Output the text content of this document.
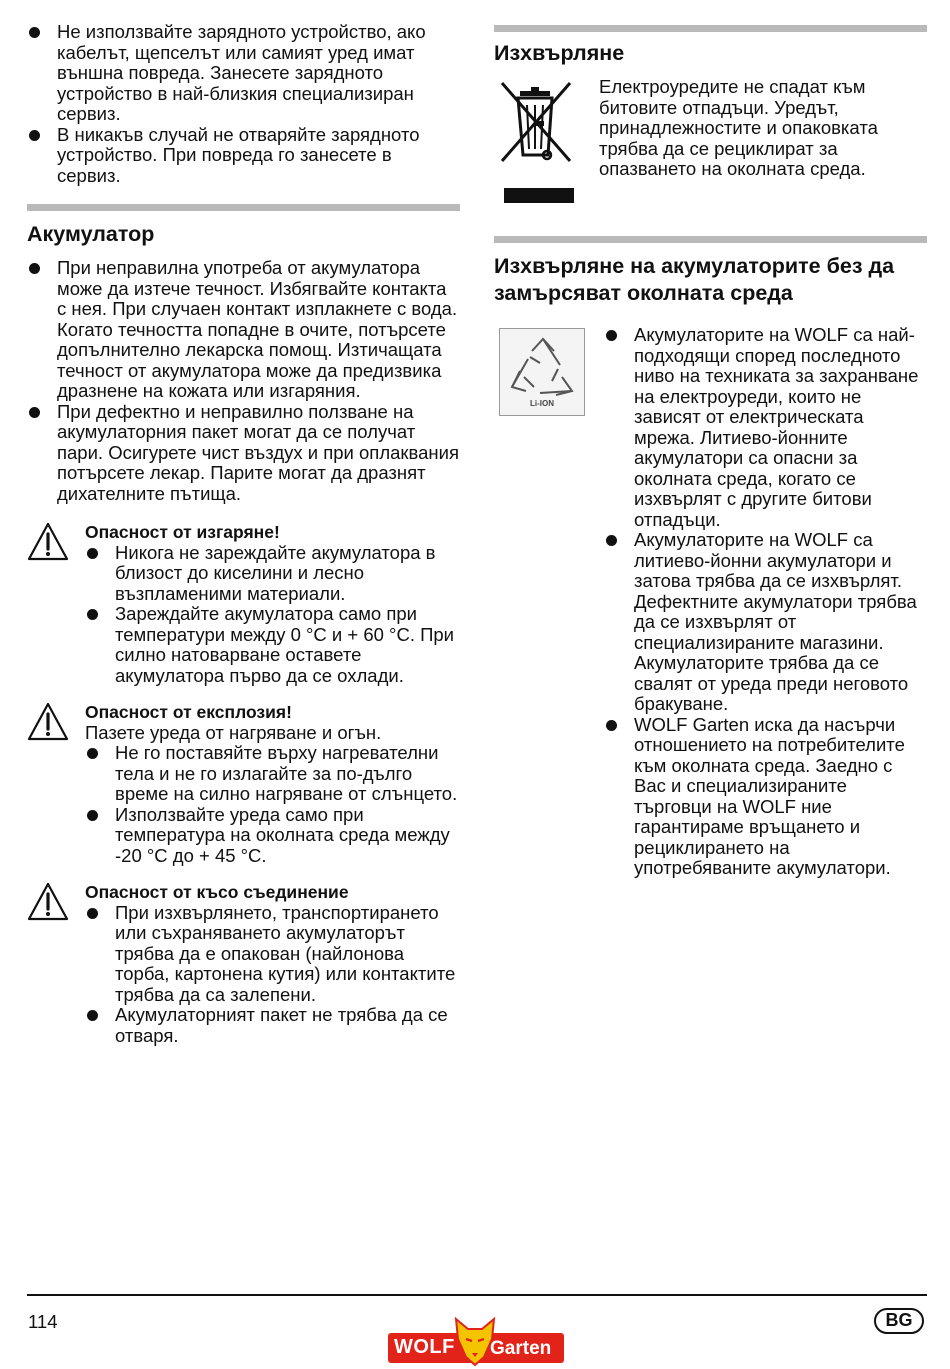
Не използвайте зарядното устройство, ако кабелът, щепселът или самият уред имат външна повреда. Занесете зарядното устройство в най-близкия специализиран сервиз.
В никакъв случай не отваряйте зарядното устройство. При повреда го занесете в сервиз.
Акумулатор
При неправилна употреба от акумулатора може да изтече течност. Избягвайте контакта с нея. При случаен контакт изплакнете с вода. Когато течността попадне в очите, потърсете допълнително лекарска помощ. Изтичащата течност от акумулатора може да предизвика дразнене на кожата или изгаряния.
При дефектно и неправилно ползване на акумулаторния пакет могат да се получат пари. Осигурете чист въздух и при оплаквания потърсете лекар. Парите могат да дразнят дихателните пътища.
Опасност от изгаряне!
Никога не зареждайте акумулатора в близост до киселини и лесно възпламеними материали.
Зареждайте акумулатора само при температури между 0 °C и + 60 °C. При силно натоварване оставете акумулатора първо да се охлади.
Опасност от експлозия!

Пазете уреда от нагряване и огън.

Не го поставяйте върху нагревателни тела и не го излагайте за по-дълго време на силно нагряване от слънцето.
Използвайте уреда само при температура на околната среда между -20 °C до + 45 °C.
Опасност от късо съединение
При изхвърлянето, транспортирането или съхраняването акумулаторът трябва да е опакован (найлонова торба, картонена кутия) или контактите трябва да са залепени.
Акумулаторният пакет не трябва да се отваря.
Изхвърляне

Електроуредите не спадат към битовите отпадъци. Уредът, принадлежностите и опаковката трябва да се рециклират за опазването на околната среда.

Изхвърляне на акумулаторите без да замърсяват околната среда
Li-ION
Акумулаторите на WOLF са най-подходящи според последното ниво на техниката за захранване на електроуреди, които не зависят от електрическата мрежа. Литиево-йонните акумулатори са опасни за околната среда, когато се изхвърлят с другите битови отпадъци.
Акумулаторите на WOLF са литиево-йонни акумулатори и затова трябва да се изхвърлят. Дефектните акумулатори трябва да се изхвърлят от специализираните магазини. Акумулаторите трябва да се свалят от уреда преди неговото бракуване.
WOLF Garten иска да насърчи отношението на потребителите към околната среда. Заедно с Вас и специализираните търговци на WOLF ние гарантираме връщането и рециклирането на употребяваните акумулатори.
114	BG
WOLF Garten
